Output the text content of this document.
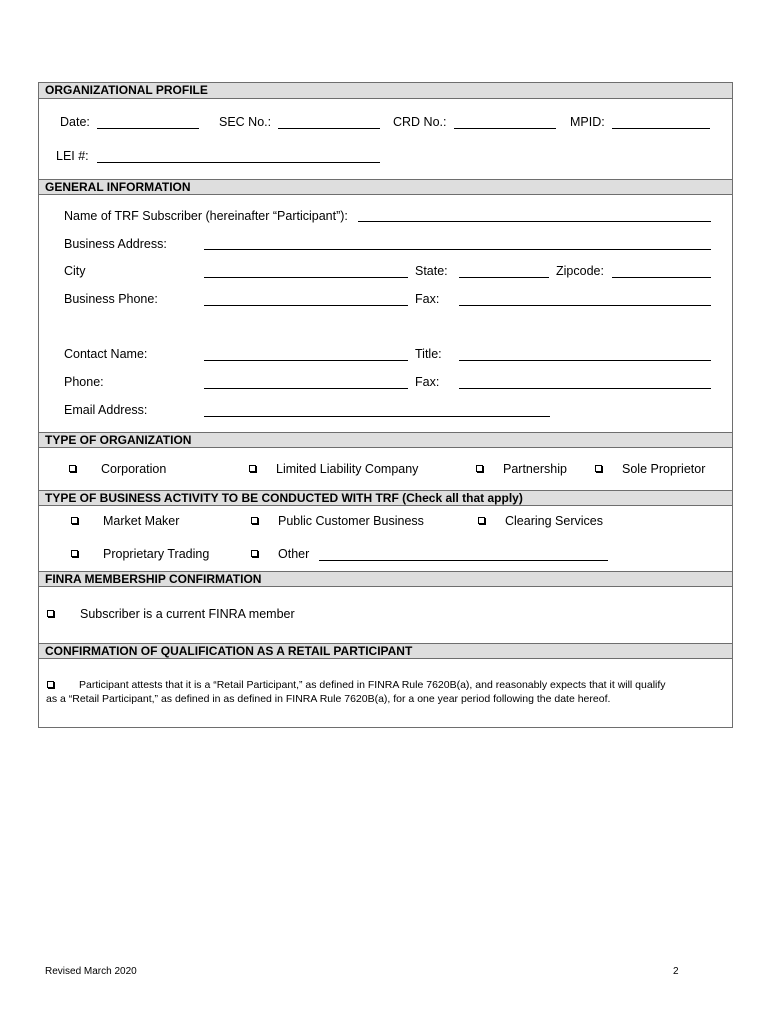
ORGANIZATIONAL PROFILE
Date:	SEC No.:	CRD No.:	MPID:
LEI #:
GENERAL INFORMATION
Name of TRF Subscriber (hereinafter “Participant”):
Business Address:
City	State:	Zipcode:
Business Phone:	Fax:
Contact Name:	Title:
Phone:	Fax:
Email Address:
TYPE OF ORGANIZATION
Corporation	Limited Liability Company	Partnership	Sole Proprietor
TYPE OF BUSINESS ACTIVITY TO BE CONDUCTED WITH TRF (Check all that apply)
Market Maker	Public Customer Business	Clearing Services
Proprietary Trading	Other
FINRA MEMBERSHIP CONFIRMATION
Subscriber is a current FINRA member
CONFIRMATION OF QUALIFICATION AS A RETAIL PARTICIPANT
Participant attests that it is a “Retail Participant,” as defined in FINRA Rule 7620B(a), and reasonably expects that it will qualify
as a “Retail Participant,” as defined in as defined in FINRA Rule 7620B(a), for a one year period following the date hereof.
Revised March 2020	2
